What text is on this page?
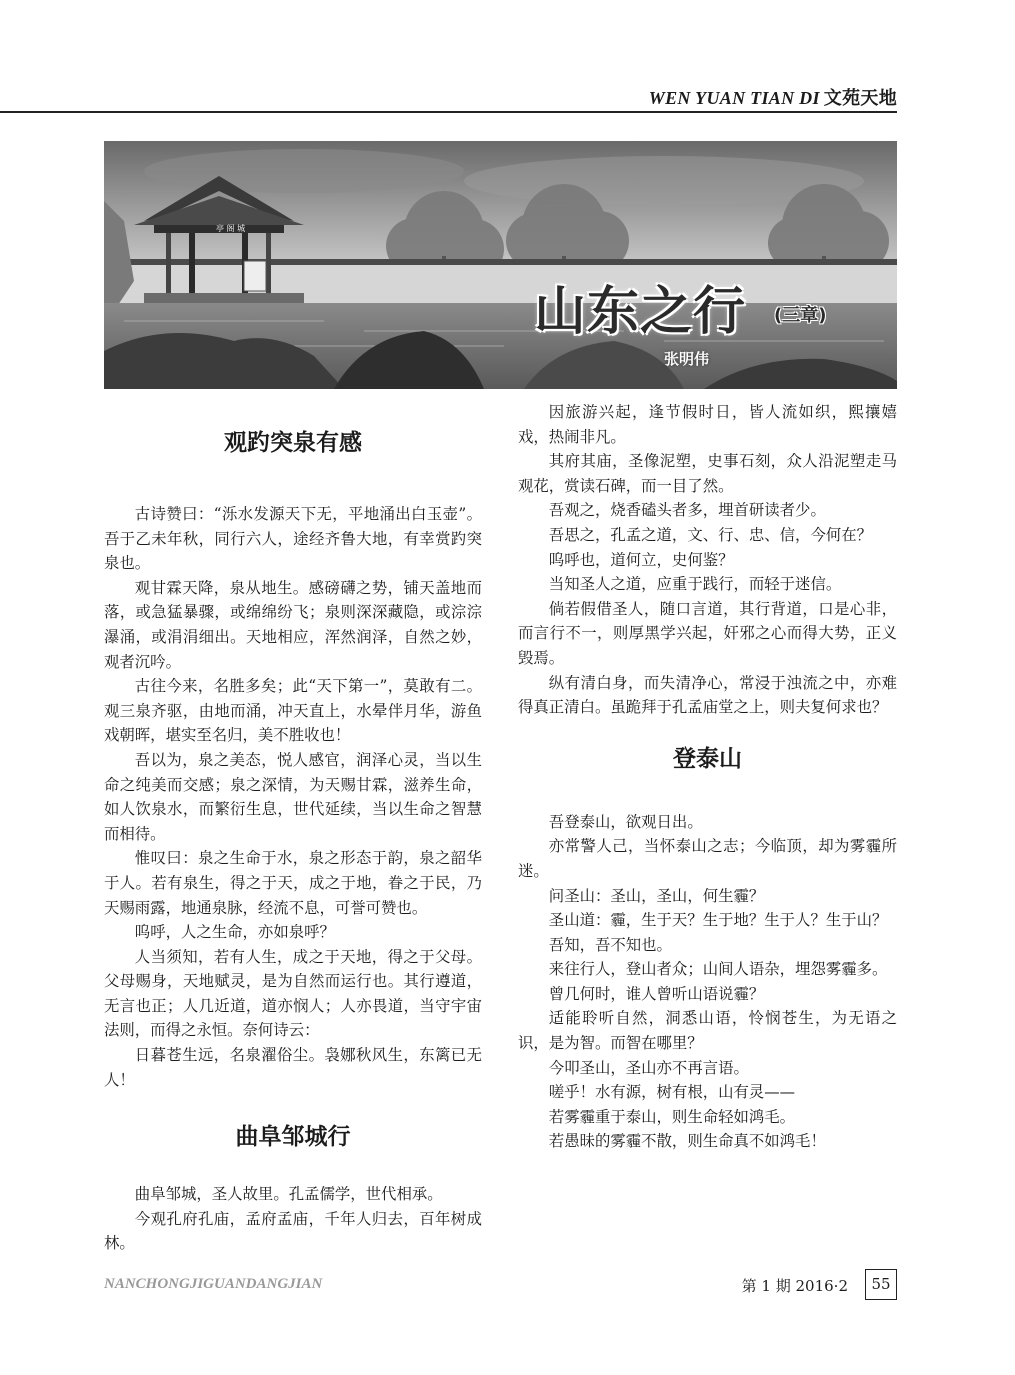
WEN YUAN TIAN DI 文苑天地
亭 阁 城
山东之行 (三章)
张明伟
观趵突泉有感

古诗赞曰：“泺水发源天下无，平地涌出白玉壶”。吾于乙未年秋，同行六人，途经齐鲁大地，有幸赏趵突泉也。

观甘霖天降，泉从地生。感磅礴之势，铺天盖地而落，或急猛暴骤，或绵绵纷飞；泉则深深藏隐，或淙淙瀑涌，或涓涓细出。天地相应，浑然润泽，自然之妙，观者沉吟。

古往今来，名胜多矣；此“天下第一”，莫敢有二。观三泉齐驱，由地而涌，冲天直上，水晕伴月华，游鱼戏朝晖，堪实至名归，美不胜收也！

吾以为，泉之美态，悦人感官，润泽心灵，当以生命之纯美而交感；泉之深情，为天赐甘霖，滋养生命，如人饮泉水，而繁衍生息，世代延续，当以生命之智慧而相待。

惟叹曰：泉之生命于水，泉之形态于韵，泉之韶华于人。若有泉生，得之于天，成之于地，眷之于民，乃天赐雨露，地通泉脉，经流不息，可誉可赞也。

呜呼，人之生命，亦如泉呼？

人当须知，若有人生，成之于天地，得之于父母。父母赐身，天地赋灵，是为自然而运行也。其行遵道，无言也正；人几近道，道亦悯人；人亦畏道，当守宇宙法则，而得之永恒。奈何诗云：

日暮苍生远，名泉濯俗尘。袅娜秋风生，东篱已无人！

曲阜邹城行

曲阜邹城，圣人故里。孔孟儒学，世代相承。

今观孔府孔庙，孟府孟庙，千年人归去，百年树成林。

因旅游兴起，逢节假时日，皆人流如织，熙攘嬉戏，热闹非凡。

其府其庙，圣像泥塑，史事石刻，众人沿泥塑走马观花，赏读石碑，而一目了然。

吾观之，烧香磕头者多，埋首研读者少。

吾思之，孔孟之道，文、行、忠、信，今何在？

呜呼也，道何立，史何鉴？

当知圣人之道，应重于践行，而轻于迷信。

倘若假借圣人，随口言道，其行背道，口是心非，而言行不一，则厚黑学兴起，奸邪之心而得大势，正义毁焉。

纵有清白身，而失清净心，常浸于浊流之中，亦难得真正清白。虽跪拜于孔孟庙堂之上，则夫复何求也？

登泰山

吾登泰山，欲观日出。

亦常警人己，当怀泰山之志；今临顶，却为雾霾所迷。

问圣山：圣山，圣山，何生霾？

圣山道：霾，生于天？生于地？生于人？生于山？

吾知，吾不知也。

来往行人，登山者众；山间人语杂，埋怨雾霾多。

曾几何时，谁人曾听山语说霾？

适能聆听自然，洞悉山语，怜悯苍生，为无语之识，是为智。而智在哪里？

今叩圣山，圣山亦不再言语。

嗟乎！水有源，树有根，山有灵——

若雾霾重于泰山，则生命轻如鸿毛。

若愚昧的雾霾不散，则生命真不如鸿毛！

NANCHONGJIGUANDANGJIAN	第 1 期 2016·2	55
